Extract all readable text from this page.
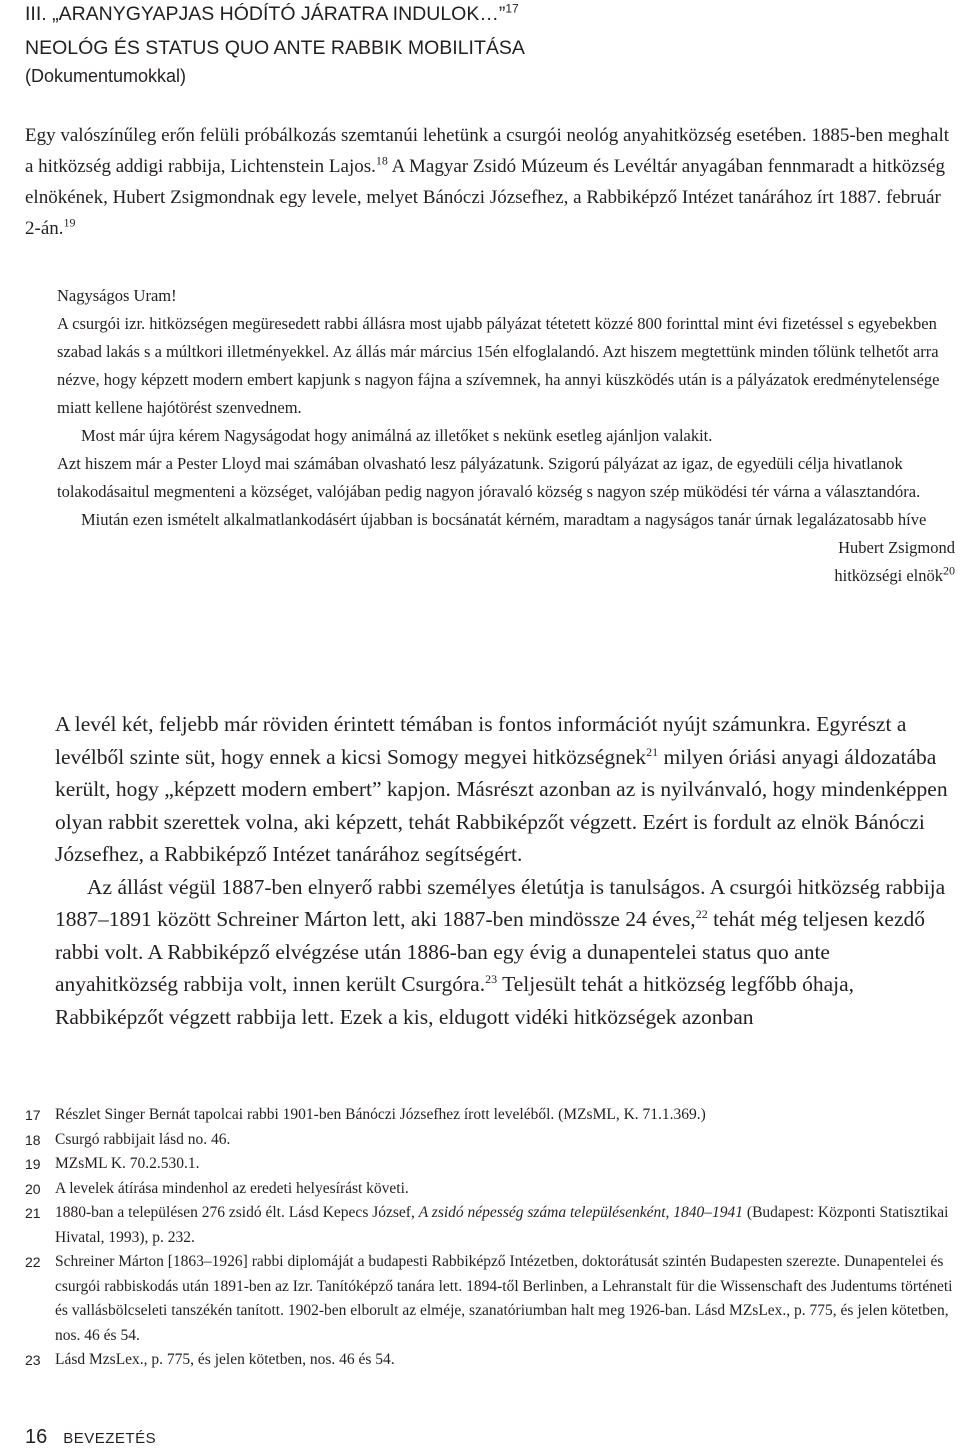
III. „ARANYGYAPJAS HÓDÍTÓ JÁRATRA INDULOK…”$^{17}$
NEOLÓG ÉS STATUS QUO ANTE RABBIK MOBILITÁSA
(Dokumentumokkal)
Egy valószínűleg erőn felüli próbálkozás szemtanúi lehetünk a csurgói neológ anyahitközség esetében. 1885-ben meghalt a hitközség addigi rabbija, Lichtenstein Lajos.$^{18}$ A Magyar Zsidó Múzeum és Levéltár anyagában fennmaradt a hitközség elnökének, Hubert Zsigmondnak egy levele, melyet Bánóczi Józsefhez, a Rabbiképző Intézet tanárához írt 1887. február 2-án.$^{19}$

Nagyságos Uram!

A csurgói izr. hitközségen megüresedett rabbi állásra most ujabb pályázat tétetett közzé 800 forinttal mint évi fizetéssel s egyebekben szabad lakás s a múltkori illetményekkel. Az állás már március 15én elfoglalandó. Azt hiszem megtettünk minden tőlünk telhetőt arra nézve, hogy képzett modern embert kapjunk s nagyon fájna a szívemnek, ha annyi küszködés után is a pályázatok eredménytelensége miatt kellene hajótörést szenvednem.

Most már újra kérem Nagyságodat hogy animálná az illetőket s nekünk esetleg ajánljon valakit.

Azt hiszem már a Pester Lloyd mai számában olvasható lesz pályázatunk. Szigorú pályázat az igaz, de egyedüli célja hivatlanok tolakodásaitul megmenteni a községet, valójában pedig nagyon jóravaló község s nagyon szép müködési tér várna a választandóra.

Miután ezen ismételt alkalmatlankodásért újabban is bocsánatát kérném, maradtam a nagyságos tanár úrnak legalázatosabb híve

Hubert Zsigmond

hitközségi elnök$^{20}$

A levél két, feljebb már röviden érintett témában is fontos információt nyújt számunkra. Egyrészt a levélből szinte süt, hogy ennek a kicsi Somogy megyei hitközségnek$^{21}$ milyen óriási anyagi áldozatába került, hogy „képzett modern embert” kapjon. Másrészt azonban az is nyilvánvaló, hogy mindenképpen olyan rabbit szerettek volna, aki képzett, tehát Rabbiképzőt végzett. Ezért is fordult az elnök Bánóczi Józsefhez, a Rabbiképző Intézet tanárához segítségért.

Az állást végül 1887-ben elnyerő rabbi személyes életútja is tanulságos. A csurgói hitközség rabbija 1887–1891 között Schreiner Márton lett, aki 1887-ben mindössze 24 éves,$^{22}$ tehát még teljesen kezdő rabbi volt. A Rabbiképző elvégzése után 1886-ban egy évig a dunapentelei status quo ante anyahitközség rabbija volt, innen került Csurgóra.$^{23}$ Teljesült tehát a hitközség legfőbb óhaja, Rabbiképzőt végzett rabbija lett. Ezek a kis, eldugott vidéki hitközségek azonban

17 Részlet Singer Bernát tapolcai rabbi 1901-ben Bánóczi Józsefhez írott leveléből. (MZsML, K. 71.1.369.)
18 Csurgó rabbijait lásd no. 46.
19 MZsML K. 70.2.530.1.
20 A levelek átírása mindenhol az eredeti helyesírást követi.
21 1880-ban a településen 276 zsidó élt. Lásd Kepecs József, A zsidó népesség száma településenként, 1840–1941 (Budapest: Központi Statisztikai Hivatal, 1993), p. 232.
22 Schreiner Márton [1863–1926] rabbi diplomáját a budapesti Rabbiképző Intézetben, doktorátusát szintén Budapesten szerezte. Dunapentelei és csurgói rabbiskodás után 1891-ben az Izr. Tanítóképző tanára lett. 1894-től Berlinben, a Lehranstalt für die Wissenschaft des Judentums történeti és vallásbölcseleti tanszékén tanított. 1902-ben elborult az elméje, szanatóriumban halt meg 1926-ban. Lásd MZsLex., p. 775, és jelen kötetben, nos. 46 és 54.
23 Lásd MzsLex., p. 775, és jelen kötetben, nos. 46 és 54.
16 BEVEZETÉS
